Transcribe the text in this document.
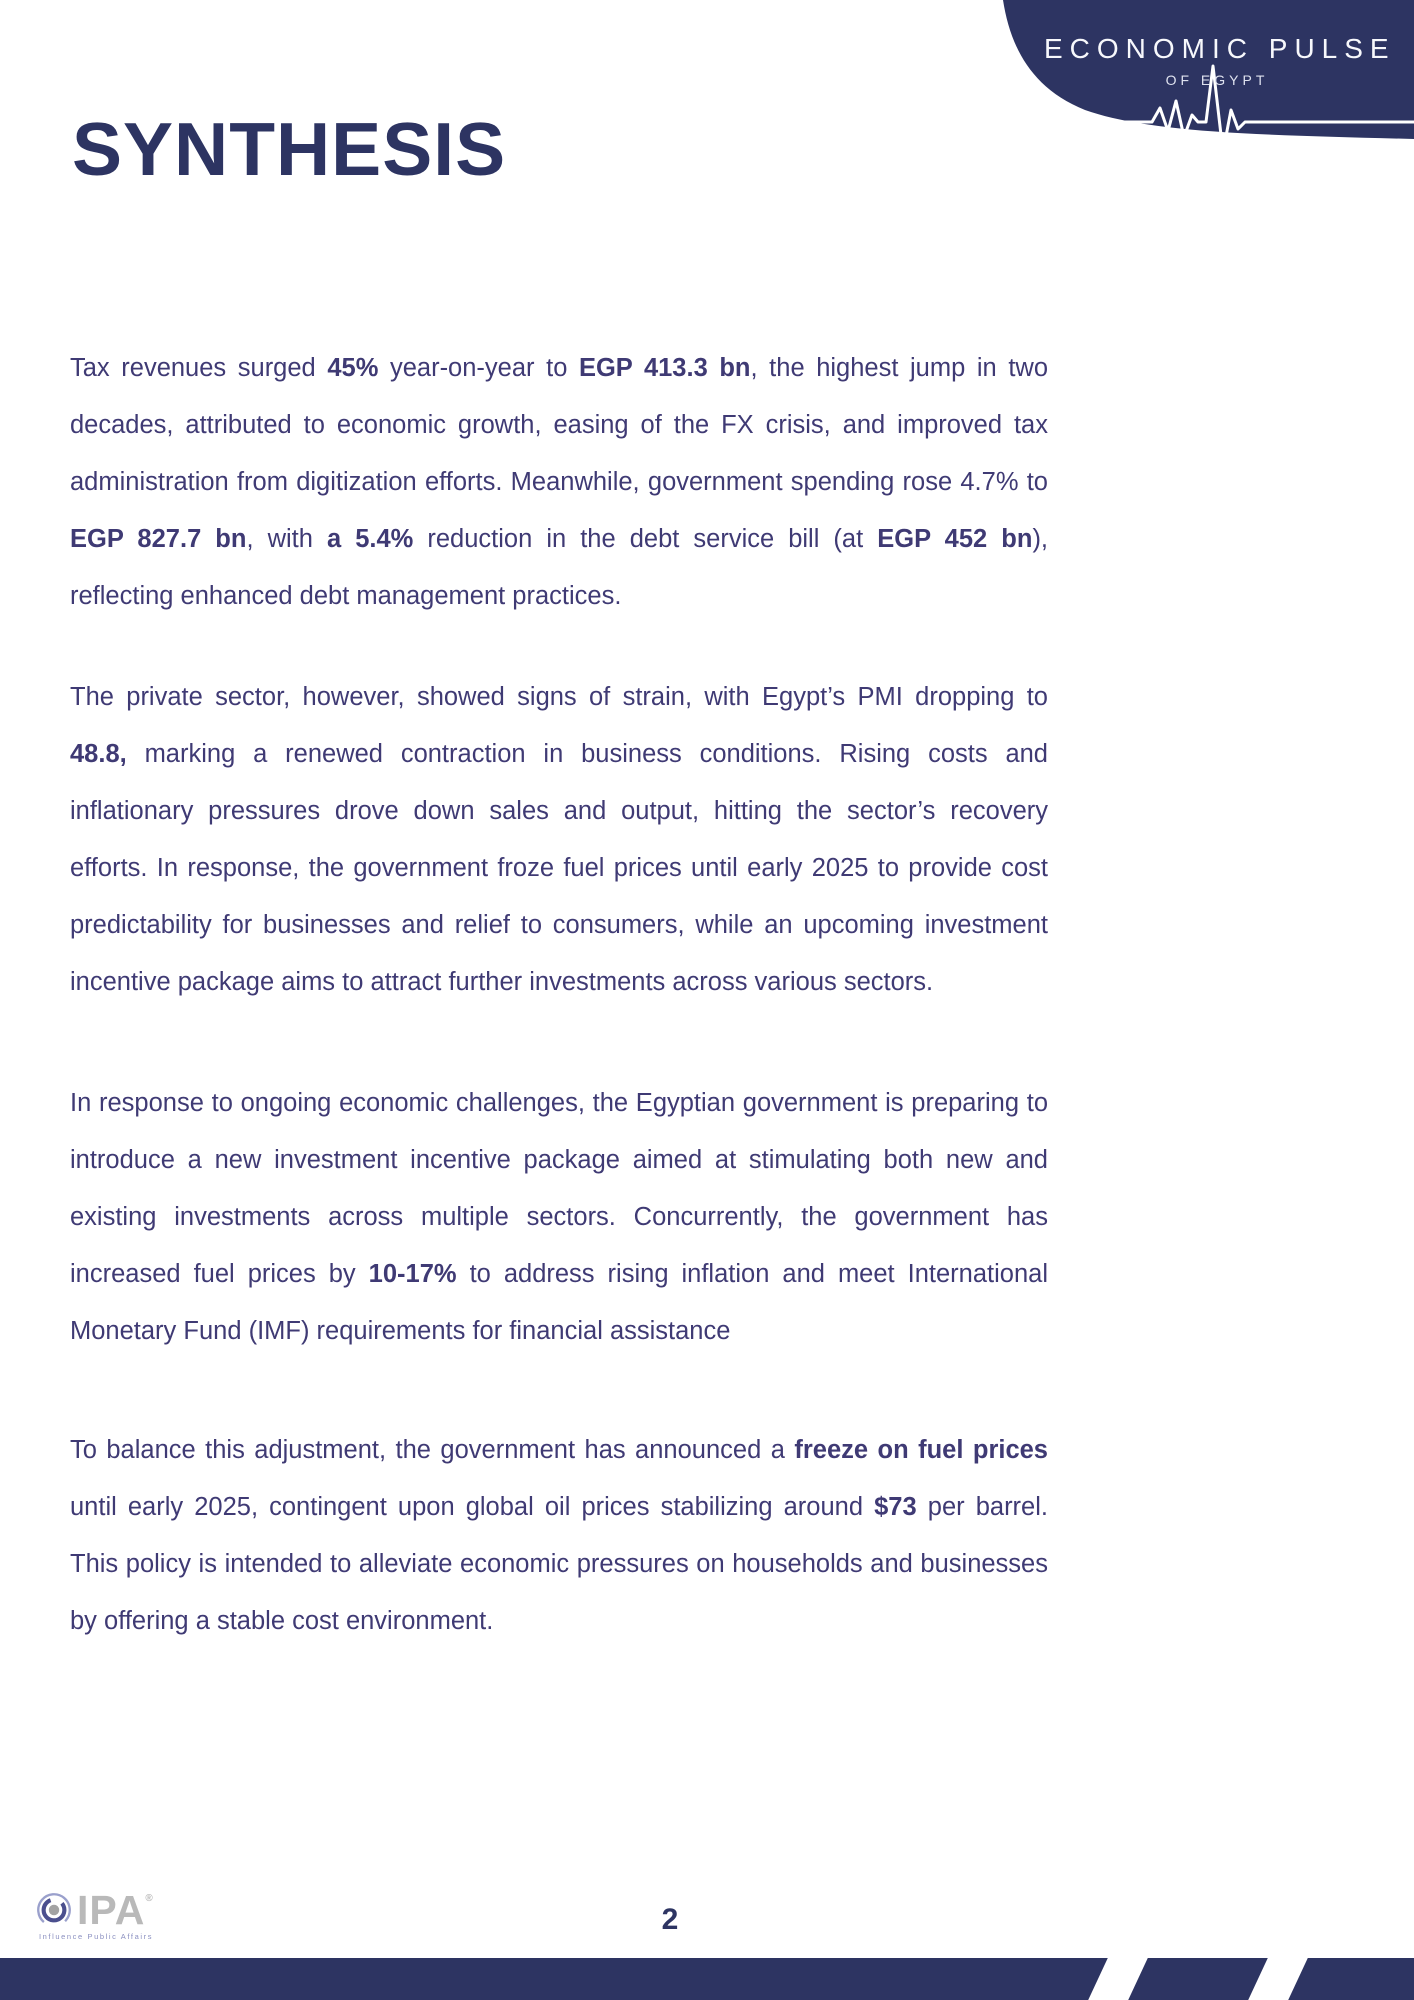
ECONOMIC PULSE
OF EGYPT
SYNTHESIS

Tax revenues surged 45% year-on-year to EGP 413.3 bn, the highest jump in two decades, attributed to economic growth, easing of the FX crisis, and improved tax administration from digitization efforts. Meanwhile, government spending rose 4.7% to EGP 827.7 bn, with a 5.4% reduction in the debt service bill (at EGP 452 bn), reflecting enhanced debt management practices.

The private sector, however, showed signs of strain, with Egypt’s PMI dropping to 48.8, marking a renewed contraction in business conditions. Rising costs and inflationary pressures drove down sales and output, hitting the sector’s recovery efforts. In response, the government froze fuel prices until early 2025 to provide cost predictability for businesses and relief to consumers, while an upcoming investment incentive package aims to attract further investments across various sectors.

In response to ongoing economic challenges, the Egyptian government is preparing to introduce a new investment incentive package aimed at stimulating both new and existing investments across multiple sectors. Concurrently, the government has increased fuel prices by 10-17% to address rising inflation and meet International Monetary Fund (IMF) requirements for financial assistance

To balance this adjustment, the government has announced a freeze on fuel prices until early 2025, contingent upon global oil prices stabilizing around $73 per barrel. This policy is intended to alleviate economic pressures on households and businesses by offering a stable cost environment.

2
IPA®
Influence Public Affairs
